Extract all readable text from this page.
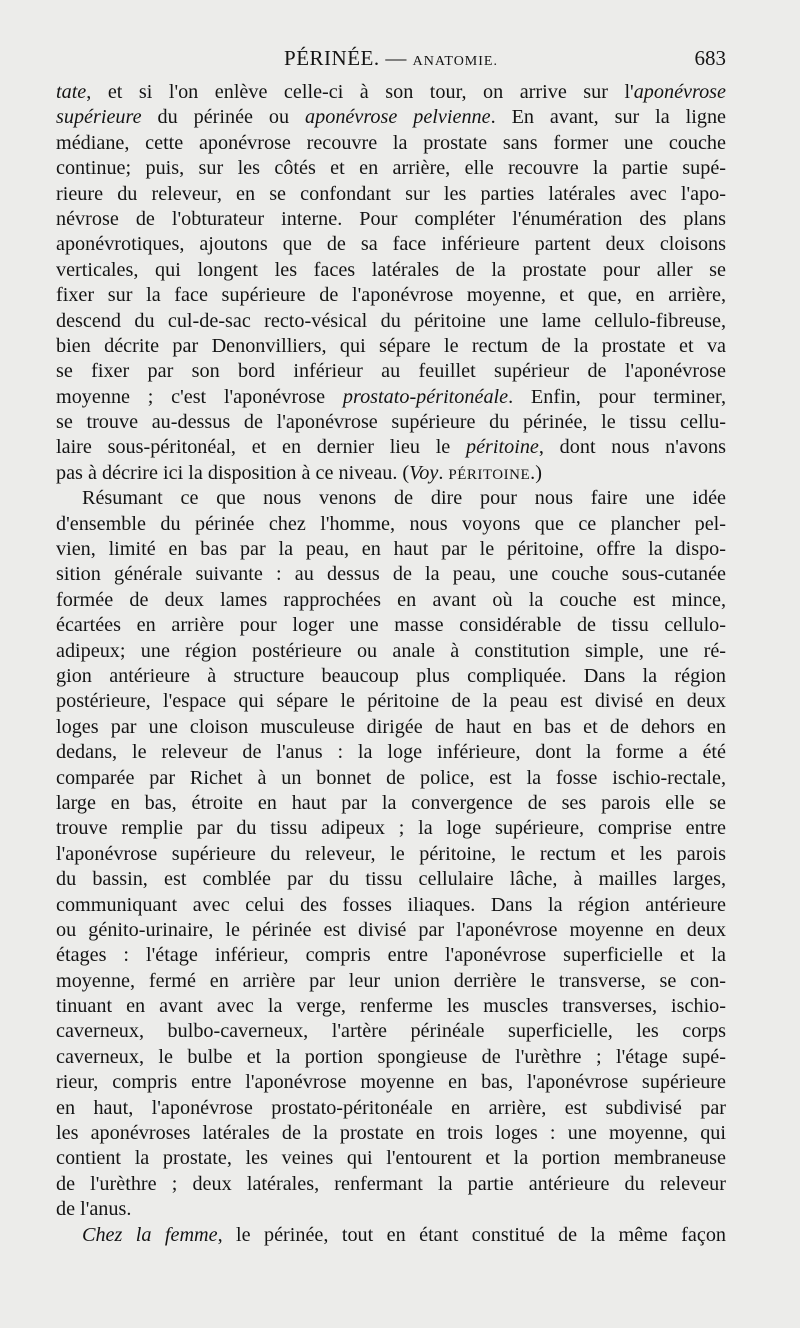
PÉRINÉE. — ANATOMIE.	683
tate, et si l'on enlève celle-ci à son tour, on arrive sur l'aponévrose
supérieure du périnée ou aponévrose pelvienne. En avant, sur la ligne
médiane, cette aponévrose recouvre la prostate sans former une couche
continue; puis, sur les côtés et en arrière, elle recouvre la partie supé-
rieure du releveur, en se confondant sur les parties latérales avec l'apo-
névrose de l'obturateur interne. Pour compléter l'énumération des plans
aponévrotiques, ajoutons que de sa face inférieure partent deux cloisons
verticales, qui longent les faces latérales de la prostate pour aller se
fixer sur la face supérieure de l'aponévrose moyenne, et que, en arrière,
descend du cul-de-sac recto-vésical du péritoine une lame cellulo-fibreuse,
bien décrite par Denonvilliers, qui sépare le rectum de la prostate et va
se fixer par son bord inférieur au feuillet supérieur de l'aponévrose
moyenne ; c'est l'aponévrose prostato-péritonéale. Enfin, pour terminer,
se trouve au-dessus de l'aponévrose supérieure du périnée, le tissu cellu-
laire sous-péritonéal, et en dernier lieu le péritoine, dont nous n'avons
pas à décrire ici la disposition à ce niveau. (Voy. PÉRITOINE.)
Résumant ce que nous venons de dire pour nous faire une idée
d'ensemble du périnée chez l'homme, nous voyons que ce plancher pel-
vien, limité en bas par la peau, en haut par le péritoine, offre la dispo-
sition générale suivante : au dessus de la peau, une couche sous-cutanée
formée de deux lames rapprochées en avant où la couche est mince,
écartées en arrière pour loger une masse considérable de tissu cellulo-
adipeux; une région postérieure ou anale à constitution simple, une ré-
gion antérieure à structure beaucoup plus compliquée. Dans la région
postérieure, l'espace qui sépare le péritoine de la peau est divisé en deux
loges par une cloison musculeuse dirigée de haut en bas et de dehors en
dedans, le releveur de l'anus : la loge inférieure, dont la forme a été
comparée par Richet à un bonnet de police, est la fosse ischio-rectale,
large en bas, étroite en haut par la convergence de ses parois elle se
trouve remplie par du tissu adipeux ; la loge supérieure, comprise entre
l'aponévrose supérieure du releveur, le péritoine, le rectum et les parois
du bassin, est comblée par du tissu cellulaire lâche, à mailles larges,
communiquant avec celui des fosses iliaques. Dans la région antérieure
ou génito-urinaire, le périnée est divisé par l'aponévrose moyenne en deux
étages : l'étage inférieur, compris entre l'aponévrose superficielle et la
moyenne, fermé en arrière par leur union derrière le transverse, se con-
tinuant en avant avec la verge, renferme les muscles transverses, ischio-
caverneux, bulbo-caverneux, l'artère périnéale superficielle, les corps
caverneux, le bulbe et la portion spongieuse de l'urèthre ; l'étage supé-
rieur, compris entre l'aponévrose moyenne en bas, l'aponévrose supérieure
en haut, l'aponévrose prostato-péritonéale en arrière, est subdivisé par
les aponévroses latérales de la prostate en trois loges : une moyenne, qui
contient la prostate, les veines qui l'entourent et la portion membraneuse
de l'urèthre ; deux latérales, renfermant la partie antérieure du releveur
de l'anus.
Chez la femme, le périnée, tout en étant constitué de la même façon
